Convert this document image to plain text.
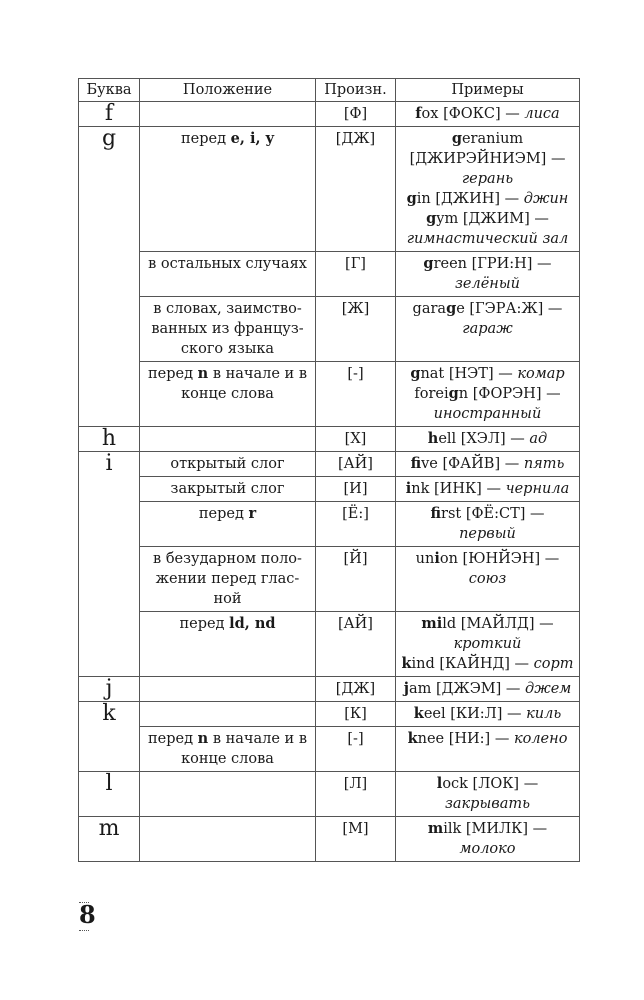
Буква	Положение	Произн.	Примеры
f		[Ф]	fox [ФОКС] — лиса

g	перед e, i, y	[ДЖ]	geranium [ДЖИРЭЙНИЭМ] — герань
gin [ДЖИН] — джин
gym [ДЖИМ] — гимнастический зал

	в остальных случаях	[Г]	green [ГРИ:Н] — зелёный

	в словах, заимство-ванных из француз-ского языка	[Ж]	garage [ГЭРА:Ж] — гараж

	перед n в начале и в конце слова	[-]	gnat [НЭТ] — комар
foreign [ФОРЭН] — иностранный

h		[Х]	hell [ХЭЛ] — ад

i	открытый слог	[АЙ]	five [ФАЙВ] — пять

	закрытый слог	[И]	ink [ИНК] — чернила

	перед r	[Ё:]	first [ФЁ:СТ] — первый

	в безударном поло-жении перед глас-ной	[Й]	union [ЮНЙЭН] — союз

	перед ld, nd	[АЙ]	mild [МАЙЛД] — кроткий
kind [КАЙНД] — сорт

j		[ДЖ]	jam [ДЖЭМ] — джем

k		[К]	keel [КИ:Л] — киль

	перед n в начале и в конце слова	[-]	knee [НИ:] — колено

l		[Л]	lock [ЛОК] — закрывать

m		[М]	milk [МИЛК] — молоко
8
